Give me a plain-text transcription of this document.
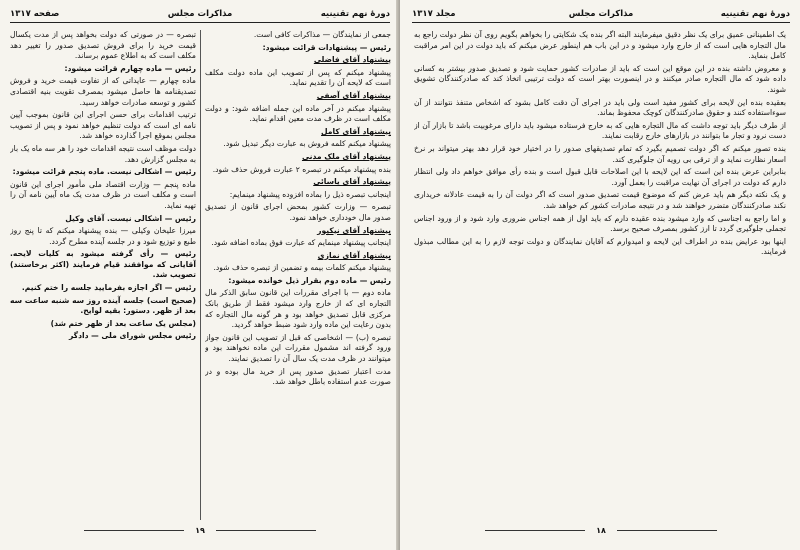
دورهٔ نهم تقنینیه
مذاکرات مجلس
صفحه ۱۳۱۷

جمعی از نمایندگان — مذاکرات کافی است.

رئیس — پیشنهادات قرائت میشود:

پیشنهاد آقای فاضلی

پیشنهاد میکنم که پس از تصویب این ماده دولت مکلف است که لایحه آن را تقدیم نماید.

پیشنهاد آقای آصفی

پیشنهاد میکنم در آخر ماده این جمله اضافه شود: و دولت مکلف است در ظرف مدت معین اقدام نماید.

پیشنهاد آقای کامل

پیشنهاد میکنم کلمه فروش به عبارت دیگر تبدیل شود.

پیشنهاد آقای ملک مدنی

بنده پیشنهاد میکنم در تبصره ۲ عبارت فروش حذف شود.

پیشنهاد آقای یاسائی

اینجانب تبصره ذیل را بماده افزوده پیشنهاد مینمایم:

تبصره — وزارت کشور بمحض اجرای قانون از تصدیق صدور مال خودداری خواهد نمود.

پیشنهاد آقای نیکپور

اینجانب پیشنهاد مینمایم که عبارت فوق بماده اضافه شود.

پیشنهاد آقای نمازی

پیشنهاد میکنم کلمات بیمه و تضمین از تبصره حذف شود.

رئیس — ماده دوم بقرار ذیل خوانده میشود:

ماده دوم — با اجرای مقررات این قانون سابق الذکر مال التجاره ای که از خارج وارد میشود فقط از طریق بانک مرکزی قابل تصدیق خواهد بود و هر گونه مال التجاره که بدون رعایت این ماده وارد شود ضبط خواهد گردید.

تبصره (ب) — اشخاصی که قبل از تصویب این قانون جواز ورود گرفته اند مشمول مقررات این ماده نخواهند بود و میتوانند در ظرف مدت یک سال آن را تصدیق نمایند.

مدت اعتبار تصدیق صدور پس از خرید مال بوده و در صورت عدم استفاده باطل خواهد شد.

تبصره — در صورتی که دولت بخواهد پس از مدت یکسال قیمت خرید را برای فروش تصدیق صدور را تغییر دهد مکلف است که به اطلاع عموم برساند.

رئیس — ماده چهارم قرائت میشود:

ماده چهارم — عایداتی که از تفاوت قیمت خرید و فروش تصدیقنامه ها حاصل میشود بمصرف تقویت بنیه اقتصادی کشور و توسعه صادرات خواهد رسید.

ترتیب اقدامات برای حسن اجرای این قانون بموجب آیین نامه ای است که دولت تنظیم خواهد نمود و پس از تصویب مجلس بموقع اجرا گذارده خواهد شد.

دولت موظف است نتیجه اقدامات خود را هر سه ماه یک بار به مجلس گزارش دهد.

رئیس — اشکالی نیست. ماده پنجم قرائت میشود:

ماده پنجم — وزارت اقتصاد ملی مأمور اجرای این قانون است و مکلف است در ظرف مدت یک ماه آیین نامه آن را تهیه نماید.

رئیس — اشکالی نیست. آقای وکیل

میرزا علیخان وکیلی — بنده پیشنهاد میکنم که تا پنج روز طبع و توزیع شود و در جلسه آینده مطرح گردد.

رئیس — رأی گرفته میشود به کلیات لایحه. آقایانی که موافقند قیام فرمایند (اکثر برخاستند) تصویب شد.

رئیس — اگر اجازه بفرمایید جلسه را ختم کنیم.

(صحیح است) جلسه آینده روز سه شنبه ساعت سه بعد از ظهر. دستور: بقیه لوایح.

(مجلس یک ساعت بعد از ظهر ختم شد)

رئیس مجلس شورای ملی — داد‌گر

۱۹
دورهٔ نهم تقنینیه
مذاکرات مجلس
مجلد ۱۳۱۷

یک اطمینانی عمیق برای یک نظر دقیق میفرمایند البته اگر بنده یک شکایتی را بخواهم بگویم روی آن نظر دولت راجع به مال التجاره هایی است که از خارج وارد میشود و در این باب هم اینطور عرض میکنم که باید دولت در این امر مراقبت کامل بنماید.

و معروض داشته بنده در این موقع این است که باید از صادرات کشور حمایت شود و تصدیق صدور بیشتر به کسانی داده شود که مال التجاره صادر میکنند و در اینصورت بهتر است که دولت ترتیبی اتخاذ کند که صادرکنندگان تشویق شوند.

بعقیده بنده این لایحه برای کشور مفید است ولی باید در اجرای آن دقت کامل بشود که اشخاص متنفذ نتوانند از آن سوءاستفاده کنند و حقوق صادرکنندگان کوچک محفوظ بماند.

از طرف دیگر باید توجه داشت که مال التجاره هایی که به خارج فرستاده میشود باید دارای مرغوبیت باشد تا بازار آن از دست نرود و تجار ما بتوانند در بازارهای خارج رقابت نمایند.

بنده تصور میکنم که اگر دولت تصمیم بگیرد که تمام تصدیقهای صدور را در اختیار خود قرار دهد بهتر میتواند بر نرخ اسعار نظارت نماید و از ترقی بی رویه آن جلوگیری کند.

بنابراین عرض بنده این است که این لایحه با این اصلاحات قابل قبول است و بنده رأی موافق خواهم داد ولی انتظار دارم که دولت در اجرای آن نهایت مراقبت را بعمل آورد.

و یک نکته دیگر هم باید عرض کنم که موضوع قیمت تصدیق صدور است که اگر دولت آن را به قیمت عادلانه خریداری نکند صادرکنندگان متضرر خواهند شد و در نتیجه صادرات کشور کم خواهد شد.

و اما راجع به اجناسی که وارد میشود بنده عقیده دارم که باید اول از همه اجناس ضروری وارد شود و از ورود اجناس تجملی جلوگیری گردد تا ارز کشور بمصرف صحیح برسد.

اینها بود عرایض بنده در اطراف این لایحه و امیدوارم که آقایان نمایندگان و دولت توجه لازم را به این مطالب مبذول فرمایند.

۱۸
